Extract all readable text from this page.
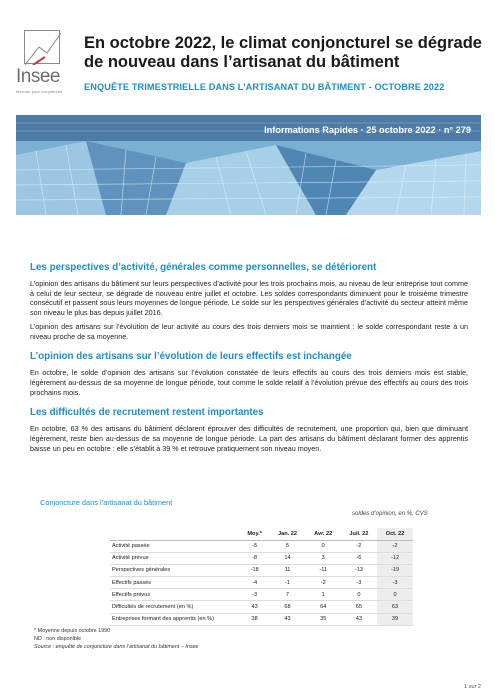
Insee
Mesurer pour comprendre
En octobre 2022, le climat conjoncturel se dégrade de nouveau dans l’artisanat du bâtiment
ENQUÊTE TRIMESTRIELLE DANS L’ARTISANAT DU BÂTIMENT - OCTOBRE 2022
Informations Rapides · 25 octobre 2022 · n° 279
Les perspectives d’activité, générales comme personnelles, se détériorent

L’opinion des artisans du bâtiment sur leurs perspectives d’activité pour les trois prochains mois, au niveau de leur entreprise tout comme à celui de leur secteur, se dégrade de nouveau entre juillet et octobre. Les soldes correspondants diminuent pour le troisième trimestre consécutif et passent sous leurs moyennes de longue période. Le solde sur les perspectives générales d’activité du secteur atteint même son niveau le plus bas depuis juillet 2016.

L’opinion des artisans sur l’évolution de leur activité au cours des trois derniers mois se maintient : le solde correspondant reste à un niveau proche de sa moyenne.

L’opinion des artisans sur l’évolution de leurs effectifs est inchangée

En octobre, le solde d’opinion des artisans sur l’évolution constatée de leurs effectifs au cours des trois derniers mois est stable, légèrement au-dessus de sa moyenne de longue période, tout comme le solde relatif à l’évolution prévue des effectifs au cours des trois prochains mois.

Les difficultés de recrutement restent importantes

En octobre, 63 % des artisans du bâtiment déclarent éprouver des difficultés de recrutement, une proportion qui, bien que diminuant légèrement, reste bien au-dessus de sa moyenne de longue période. La part des artisans du bâtiment déclarant former des apprentis baisse un peu en octobre : elle s’établit à 39 % et retrouve pratiquement son niveau moyen.

Conjoncture dans l’artisanat du bâtiment
soldes d’opinion, en %, CVS
	Moy.*	Jan. 22	Avr. 22	Juil. 22	Oct. 22
Activité passée	-5	5	0	-2	-2
Activité prévue	-8	14	3	-6	-12
Perspectives générales	-18	11	-11	-13	-19
Effectifs passés	-4	-1	-2	-3	-3
Effectifs prévus	-3	7	1	0	0
Difficultés de recrutement (en %)	43	68	64	65	63
Entreprises formant des apprentis (en %)	38	43	35	43	39
* Moyenne depuis octobre 1990
ND : non disponible
Source : enquête de conjoncture dans l’artisanat du bâtiment – Insee
1 sur 2
